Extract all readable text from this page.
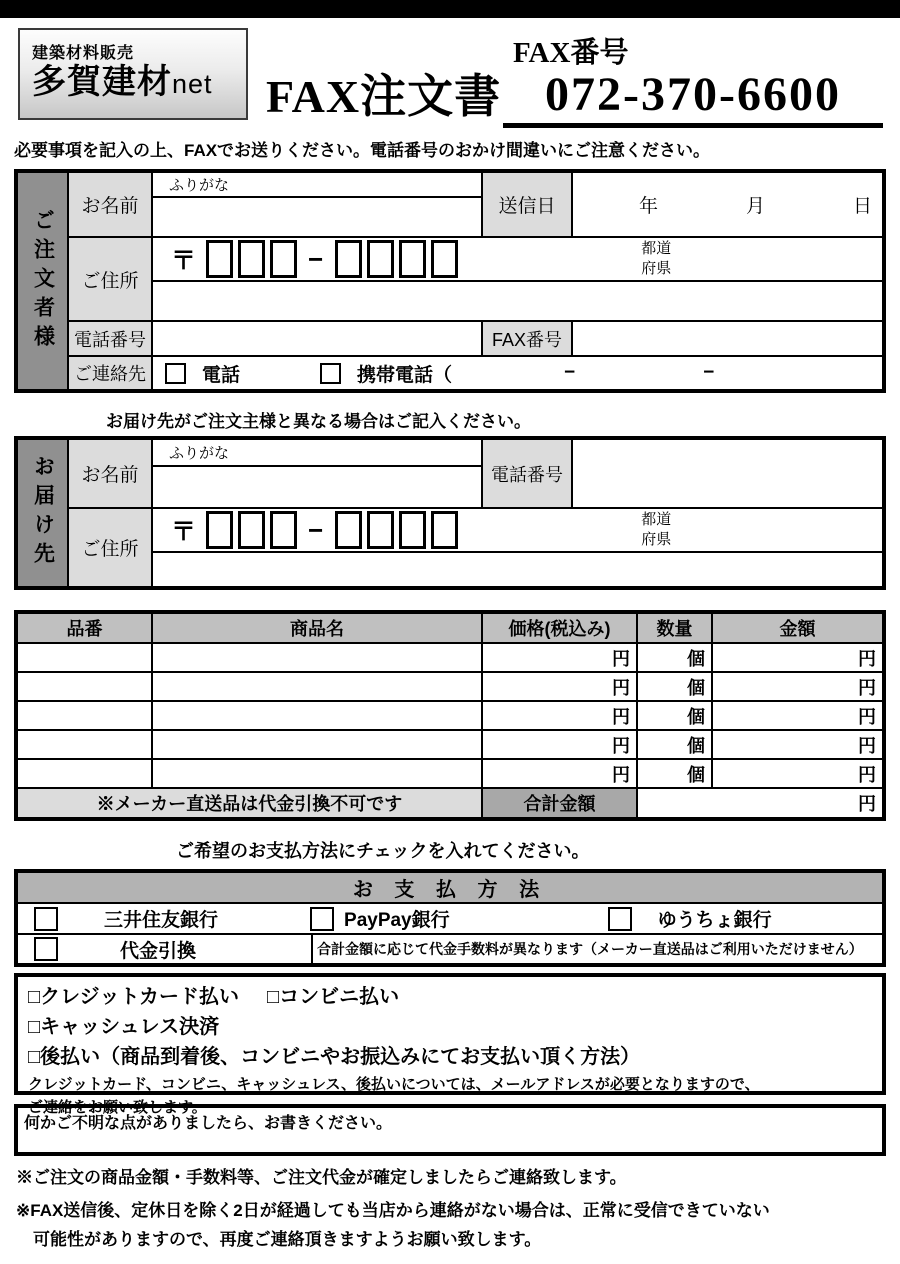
建築材料販売
多賀建材net	FAX注文書
FAX番号
072-370-6600
必要事項を記入の上、FAXでお送りください。電話番号のおかけ間違いにご注意ください。
ご注文者様	お名前	ふりがな	送信日	年 月 日

	ご住所	〒 − 都道
府県		

	電話番号		FAX番号	
	ご連絡先	電話 携帯電話（ − −		
お届け先がご注文主様と異なる場合はご記入ください。
お届け先	お名前	ふりがな	電話番号	

	ご住所	〒 − 都道
府県		

品番	商品名	価格(税込み)	数量	金額
		円	個	円
		円	個	円
		円	個	円
		円	個	円
		円	個	円
※メーカー直送品は代金引換不可です		合計金額	円	
ご希望のお支払方法にチェックを入れてください。
お 支 払 方 法

三井住友銀行	PayPay銀行	ゆうちょ銀行

代金引換	合計金額に応じて代金手数料が異なります（メーカー直送品はご利用いただけません）
□クレジットカード払い □コンビニ払い
□キャッシュレス決済
□後払い（商品到着後、コンビニやお振込みにてお支払い頂く方法）
クレジットカード、コンビニ、キャッシュレス、後払いについては、メールアドレスが必要となりますので、
ご連絡をお願い致します。
何かご不明な点がありましたら、お書きください。
※ご注文の商品金額・手数料等、ご注文代金が確定しましたらご連絡致します。
※FAX送信後、定休日を除く2日が経過しても当店から連絡がない場合は、正常に受信できていない
　可能性がありますので、再度ご連絡頂きますようお願い致します。
